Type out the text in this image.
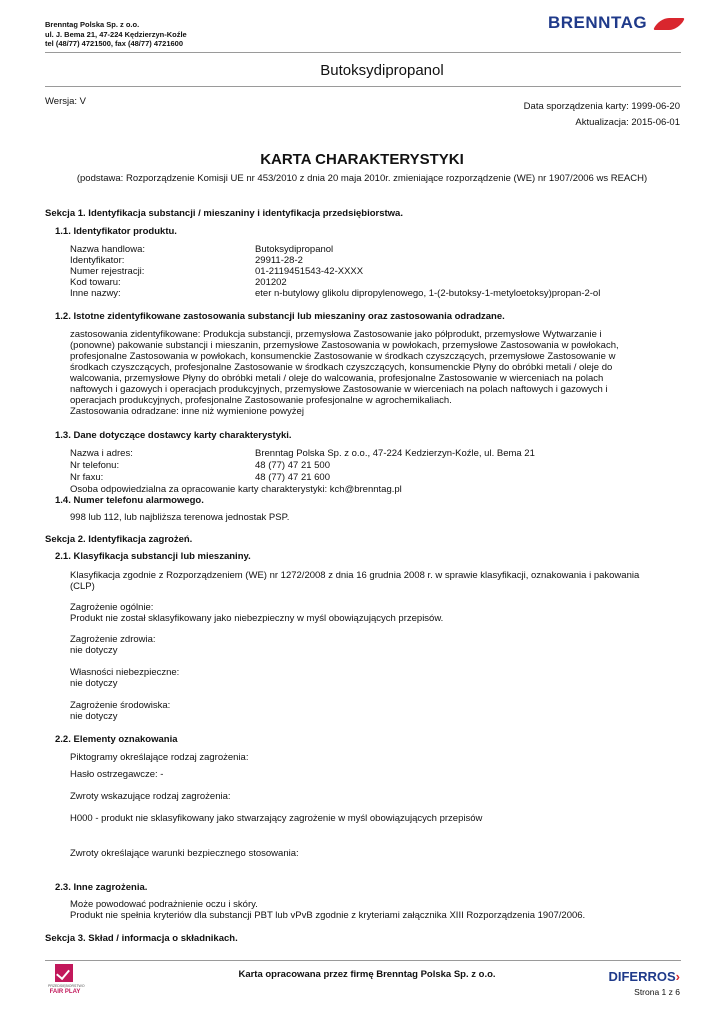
Brenntag Polska Sp. z o.o.
ul. J. Bema 21, 47-224 Kędzierzyn-Koźle
tel (48/77) 4721500, fax (48/77) 4721600
BRENNTAG
Butoksydipropanol
Wersja: V	Data sporządzenia karty: 1999-06-20
Aktualizacja: 2015-06-01
KARTA CHARAKTERYSTYKI
(podstawa: Rozporządzenie Komisji UE nr 453/2010 z dnia 20 maja 2010r. zmieniające rozporządzenie (WE) nr 1907/2006 ws REACH)
Sekcja 1. Identyfikacja substancji / mieszaniny i identyfikacja przedsiębiorstwa.
1.1. Identyfikator produktu.
Nazwa handlowa:	Butoksydipropanol
Identyfikator:	29911-28-2
Numer rejestracji:	01-2119451543-42-XXXX
Kod towaru:	201202
Inne nazwy:	eter n-butylowy glikolu dipropylenowego, 1-(2-butoksy-1-metyloetoksy)propan-2-ol
1.2. Istotne zidentyfikowane zastosowania substancji lub mieszaniny oraz zastosowania odradzane.
zastosowania zidentyfikowane: Produkcja substancji, przemysłowa Zastosowanie jako półprodukt, przemysłowe Wytwarzanie i
(ponowne) pakowanie substancji i mieszanin, przemysłowe Zastosowania w powłokach, przemysłowe Zastosowania w powłokach,
profesjonalne Zastosowania w powłokach, konsumenckie Zastosowanie w środkach czyszczących, przemysłowe Zastosowanie w
środkach czyszczących, profesjonalne Zastosowanie w środkach czyszczących, konsumenckie Płyny do obróbki metali / oleje do
walcowania, przemysłowe Płyny do obróbki metali / oleje do walcowania, profesjonalne Zastosowanie w wierceniach na polach
naftowych i gazowych i operacjach produkcyjnych, przemysłowe Zastosowanie w wierceniach na polach naftowych i gazowych i
operacjach produkcyjnych, profesjonalne Zastosowanie profesjonalne w agrochemikaliach.
Zastosowania odradzane: inne niż wymienione powyżej
1.3. Dane dotyczące dostawcy karty charakterystyki.
Nazwa i adres:	Brenntag Polska Sp. z o.o., 47-224 Kedzierzyn-Koźle, ul. Bema 21
Nr telefonu:	48 (77) 47 21 500
Nr faxu:	48 (77) 47 21 600
Osoba odpowiedzialna za opracowanie karty charakterystyki: kch@brenntag.pl
1.4. Numer telefonu alarmowego.
998 lub 112, lub najbliższa terenowa jednostak PSP.
Sekcja 2. Identyfikacja zagrożeń.
2.1. Klasyfikacja substancji lub mieszaniny.
Klasyfikacja zgodnie z Rozporządzeniem (WE) nr 1272/2008 z dnia 16 grudnia 2008 r. w sprawie klasyfikacji, oznakowania i pakowania
(CLP)
Zagrożenie ogólnie:
Produkt nie został sklasyfikowany jako niebezpieczny w myśl obowiązujących przepisów.
Zagrożenie zdrowia:
nie dotyczy
Własności niebezpieczne:
nie dotyczy
Zagrożenie środowiska:
nie dotyczy
2.2. Elementy oznakowania
Piktogramy określające rodzaj zagrożenia:
Hasło ostrzegawcze: -
Zwroty wskazujące rodzaj zagrożenia:
H000 - produkt nie sklasyfikowany jako stwarzający zagrożenie w myśl obowiązujących przepisów
Zwroty określające warunki bezpiecznego stosowania:
2.3. Inne zagrożenia.
Może powodować podrażnienie oczu i skóry.
Produkt nie spełnia kryteriów dla substancji PBT lub vPvB zgodnie z kryteriami załącznika XIII Rozporządzenia 1907/2006.
Sekcja 3. Skład / informacja o składnikach.
PRZEDSIĘBIORSTWO
FAIR PLAY
Karta opracowana przez firmę Brenntag Polska Sp. z o.o.	DIFERROS›
Strona 1 z 6
